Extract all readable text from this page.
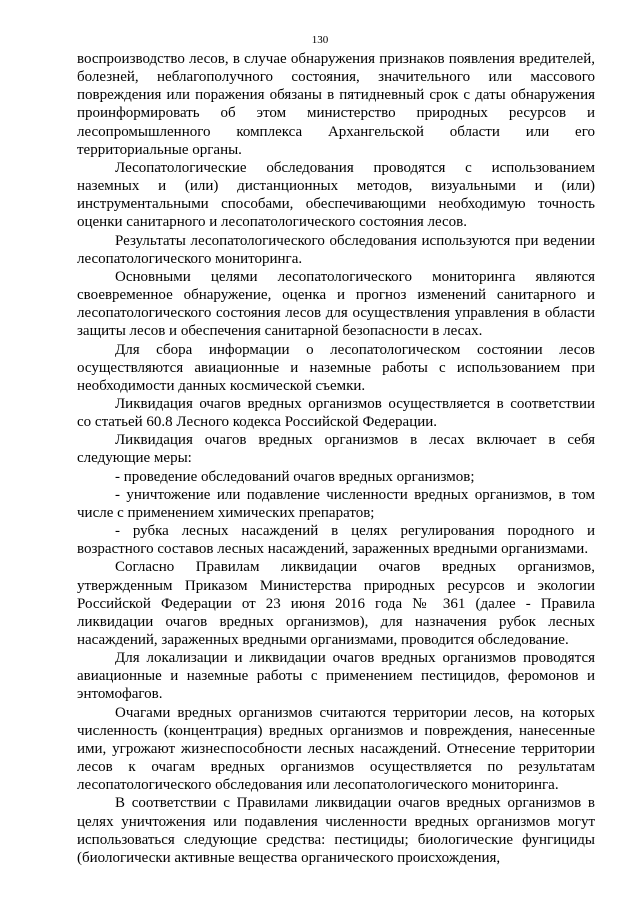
130

воспроизводство лесов, в случае обнаружения признаков появления вредителей, болезней, неблагополучного состояния, значительного или массового повреждения или поражения обязаны в пятидневный срок с даты обнаружения проинформировать об этом министерство природных ресурсов и лесопромышленного комплекса Архангельской области или его территориальные органы.

Лесопатологические обследования проводятся с использованием наземных и (или) дистанционных методов, визуальными и (или) инструментальными способами, обеспечивающими необходимую точность оценки санитарного и лесопатологического состояния лесов.

Результаты лесопатологического обследования используются при ведении лесопатологического мониторинга.

Основными целями лесопатологического мониторинга являются своевременное обнаружение, оценка и прогноз изменений санитарного и лесопатологического состояния лесов для осуществления управления в области защиты лесов и обеспечения санитарной безопасности в лесах.

Для сбора информации о лесопатологическом состоянии лесов осуществляются авиационные и наземные работы с использованием при необходимости данных космической съемки.

Ликвидация очагов вредных организмов осуществляется в соответствии со статьей 60.8 Лесного кодекса Российской Федерации.

Ликвидация очагов вредных организмов в лесах включает в себя следующие меры:

- проведение обследований очагов вредных организмов;

- уничтожение или подавление численности вредных организмов, в том числе с применением химических препаратов;

- рубка лесных насаждений в целях регулирования породного и возрастного составов лесных насаждений, зараженных вредными организмами.

Согласно Правилам ликвидации очагов вредных организмов, утвержденным Приказом Министерства природных ресурсов и экологии Российской Федерации от 23 июня 2016 года № 361 (далее - Правила ликвидации очагов вредных организмов), для назначения рубок лесных насаждений, зараженных вредными организмами, проводится обследование.

Для локализации и ликвидации очагов вредных организмов проводятся авиационные и наземные работы с применением пестицидов, феромонов и энтомофагов.

Очагами вредных организмов считаются территории лесов, на которых численность (концентрация) вредных организмов и повреждения, нанесенные ими, угрожают жизнеспособности лесных насаждений. Отнесение территории лесов к очагам вредных организмов осуществляется по результатам лесопатологического обследования или лесопатологического мониторинга.

В соответствии с Правилами ликвидации очагов вредных организмов в целях уничтожения или подавления численности вредных организмов могут использоваться следующие средства: пестициды; биологические фунгициды (биологически активные вещества органического происхождения,
